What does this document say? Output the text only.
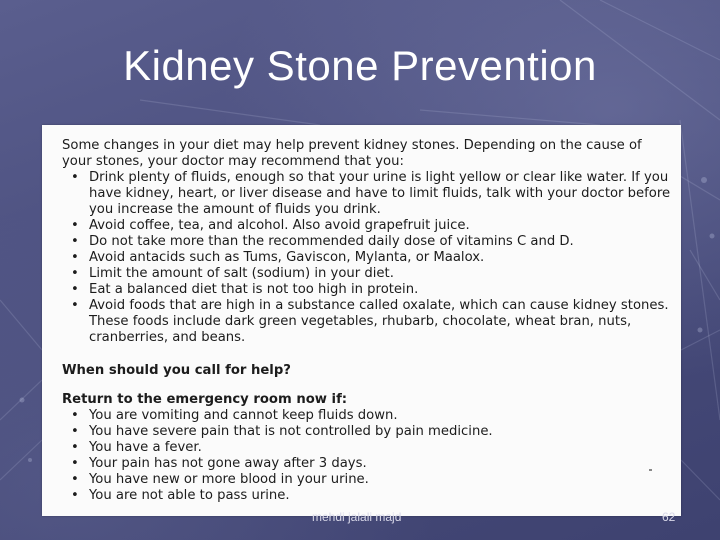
Kidney Stone Prevention

Some changes in your diet may help prevent kidney stones. Depending on the cause of your stones, your doctor may recommend that you:

• Drink plenty of fluids, enough so that your urine is light yellow or clear like water. If you have kidney, heart, or liver disease and have to limit fluids, talk with your doctor before you increase the amount of fluids you drink.
• Avoid coffee, tea, and alcohol. Also avoid grapefruit juice.
• Do not take more than the recommended daily dose of vitamins C and D.
• Avoid antacids such as Tums, Gaviscon, Mylanta, or Maalox.
• Limit the amount of salt (sodium) in your diet.
• Eat a balanced diet that is not too high in protein.
• Avoid foods that are high in a substance called oxalate, which can cause kidney stones. These foods include dark green vegetables, rhubarb, chocolate, wheat bran, nuts, cranberries, and beans.

When should you call for help?

Return to the emergency room now if:

• You are vomiting and cannot keep fluids down.
• You have severe pain that is not controlled by pain medicine.
• You have a fever.
• Your pain has not gone away after 3 days.
• You have new or more blood in your urine.
• You are not able to pass urine.
mehdi jalali majd	62
